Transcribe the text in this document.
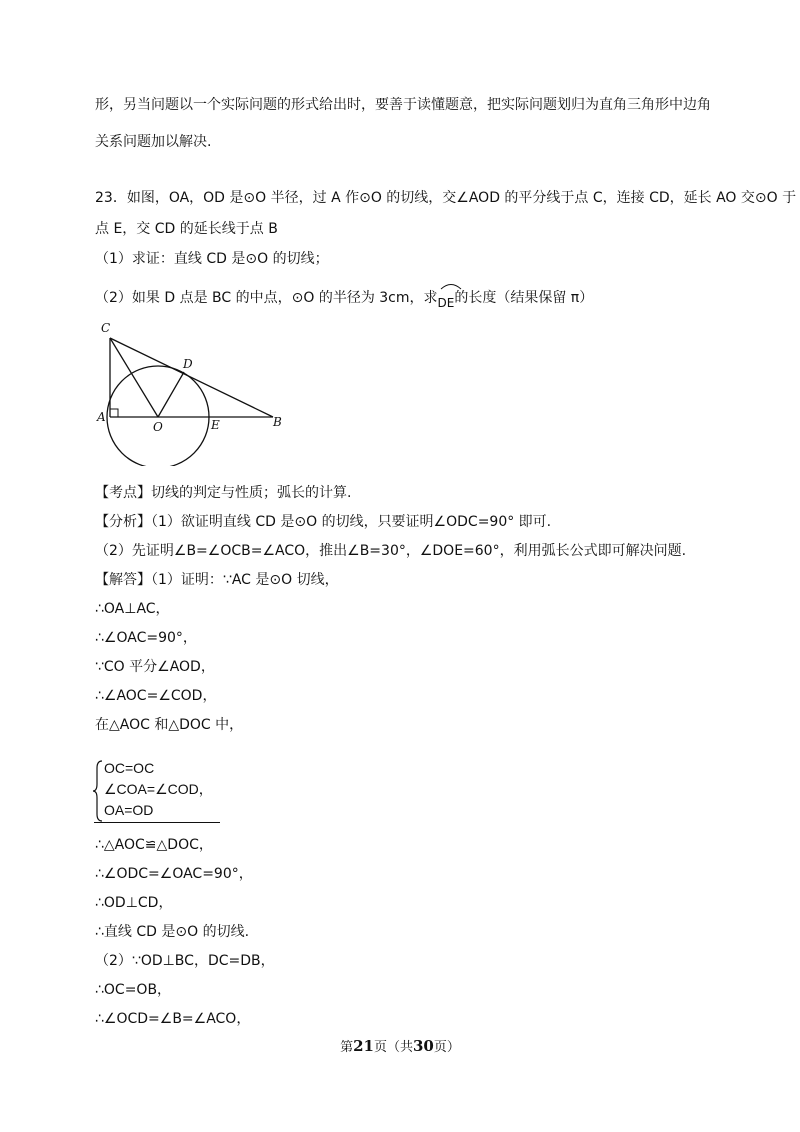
形，另当问题以一个实际问题的形式给出时，要善于读懂题意，把实际问题划归为直角三角形中边角
关系问题加以解决.
23．如图，OA，OD 是⊙O 半径，过 A 作⊙O 的切线，交∠AOD 的平分线于点 C，连接 CD，延长 AO 交⊙O 于
点 E，交 CD 的延长线于点 B
（1）求证：直线 CD 是⊙O 的切线；
（2）如果 D 点是 BC 的中点，⊙O 的半径为 3cm，求
DE的长度（结果保留 π）
C
D
A
O	E	B
【考点】切线的判定与性质；弧长的计算.
【分析】（1）欲证明直线 CD 是⊙O 的切线，只要证明∠ODC=90° 即可.
（2）先证明∠B=∠OCB=∠ACO，推出∠B=30°，∠DOE=60°，利用弧长公式即可解决问题.
【解答】（1）证明：∵AC 是⊙O 切线，
∴OA⊥AC，
∴∠OAC=90°，
∵CO 平分∠AOD，
∴∠AOC=∠COD，
在△AOC 和△DOC 中，
OC=OC
∠COA=∠COD，
OA=OD
∴△AOC≌△DOC，
∴∠ODC=∠OAC=90°，
∴OD⊥CD，
∴直线 CD 是⊙O 的切线.
（2）∵OD⊥BC，DC=DB，
∴OC=OB，
∴∠OCD=∠B=∠ACO，
第21页（共30页）
